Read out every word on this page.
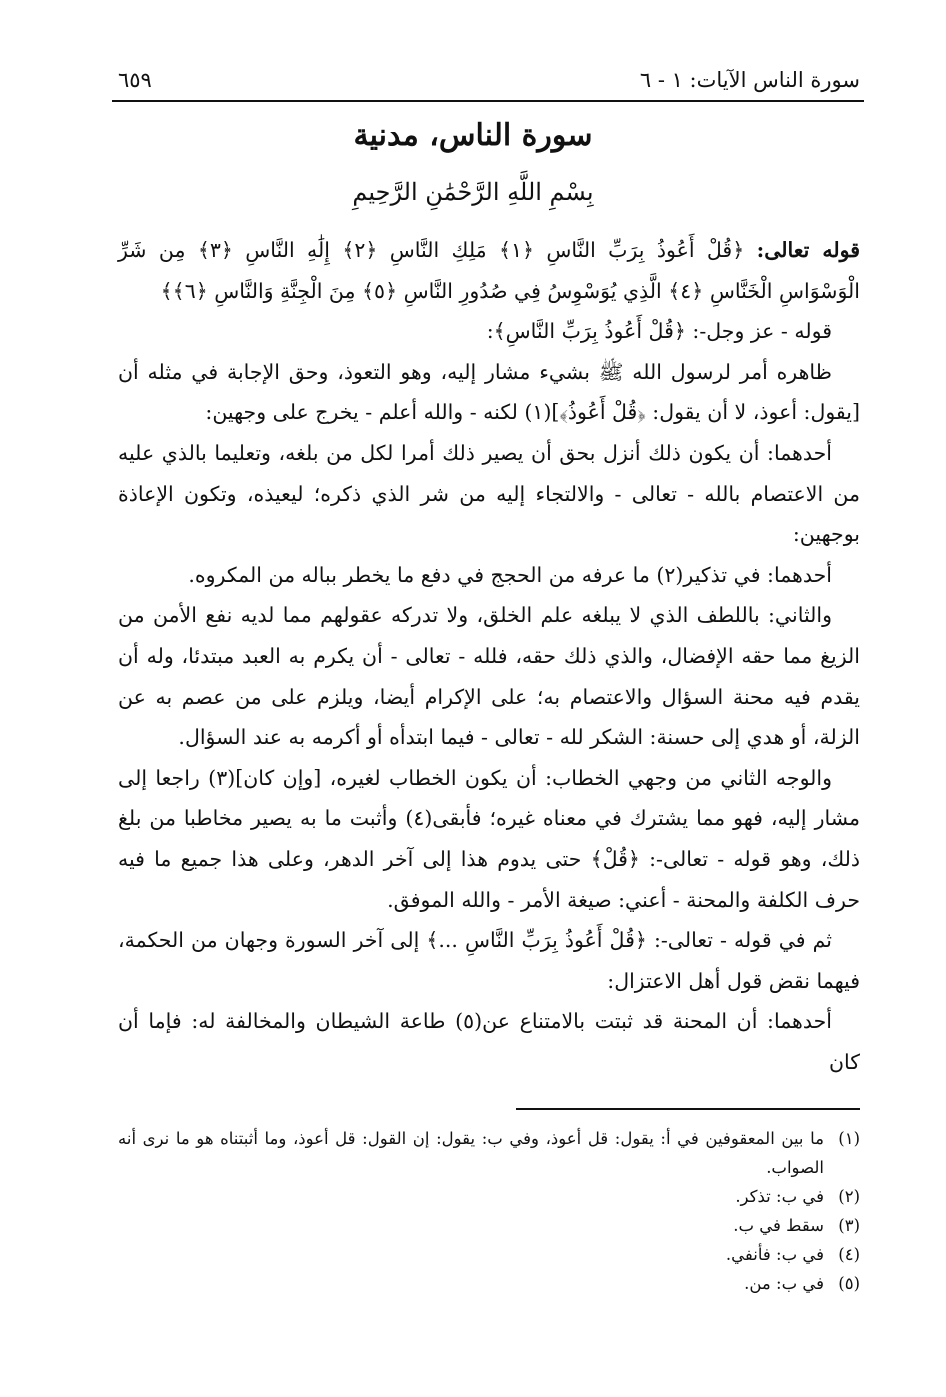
سورة الناس الآيات: ١ - ٦
٦٥٩
سورة الناس، مدنية
بِسْمِ اللَّهِ الرَّحْمَٰنِ الرَّحِيمِ

قوله تعالى: ﴿قُلْ أَعُوذُ بِرَبِّ النَّاسِ ﴿١﴾ مَلِكِ النَّاسِ ﴿٢﴾ إِلَٰهِ النَّاسِ ﴿٣﴾ مِن شَرِّ الْوَسْوَاسِ الْخَنَّاسِ ﴿٤﴾ الَّذِي يُوَسْوِسُ فِي صُدُورِ النَّاسِ ﴿٥﴾ مِنَ الْجِنَّةِ وَالنَّاسِ ﴿٦﴾﴾

قوله - عز وجل-: ﴿قُلْ أَعُوذُ بِرَبِّ النَّاسِ﴾:

ظاهره أمر لرسول الله ﷺ بشيء مشار إليه، وهو التعوذ، وحق الإجابة في مثله أن [يقول: أعوذ، لا أن يقول: ﴿قُلْ أَعُوذُ﴾](١) لكنه - والله أعلم - يخرج على وجهين:

أحدهما: أن يكون ذلك أنزل بحق أن يصير ذلك أمرا لكل من بلغه، وتعليما بالذي عليه من الاعتصام بالله - تعالى - والالتجاء إليه من شر الذي ذكره؛ ليعيذه، وتكون الإعاذة بوجهين:

أحدهما: في تذكير(٢) ما عرفه من الحجج في دفع ما يخطر بباله من المكروه.

والثاني: باللطف الذي لا يبلغه علم الخلق، ولا تدركه عقولهم مما لديه نفع الأمن من الزيغ مما حقه الإفضال، والذي ذلك حقه، فلله - تعالى - أن يكرم به العبد مبتدئا، وله أن يقدم فيه محنة السؤال والاعتصام به؛ على الإكرام أيضا، ويلزم على من عصم به عن الزلة، أو هدي إلى حسنة: الشكر لله - تعالى - فيما ابتدأه أو أكرمه به عند السؤال.

والوجه الثاني من وجهي الخطاب: أن يكون الخطاب لغيره، [وإن كان](٣) راجعا إلى مشار إليه، فهو مما يشترك في معناه غيره؛ فأبقى(٤) وأثبت ما به يصير مخاطبا من بلغ ذلك، وهو قوله - تعالى-: ﴿قُلْ﴾ حتى يدوم هذا إلى آخر الدهر، وعلى هذا جميع ما فيه حرف الكلفة والمحنة - أعني: صيغة الأمر - والله الموفق.

ثم في قوله - تعالى-: ﴿قُلْ أَعُوذُ بِرَبِّ النَّاسِ ...﴾ إلى آخر السورة وجهان من الحكمة، فيهما نقض قول أهل الاعتزال:

أحدهما: أن المحنة قد ثبتت بالامتناع عن(٥) طاعة الشيطان والمخالفة له: فإما أن كان

(١)
ما بين المعقوفين في أ: يقول: قل أعوذ، وفي ب: يقول: إن القول: قل أعوذ، وما أثبتناه هو ما نرى أنه الصواب.
(٢)
في ب: تذكر.
(٣)
سقط في ب.
(٤)
في ب: فأنفي.
(٥)
في ب: من.
